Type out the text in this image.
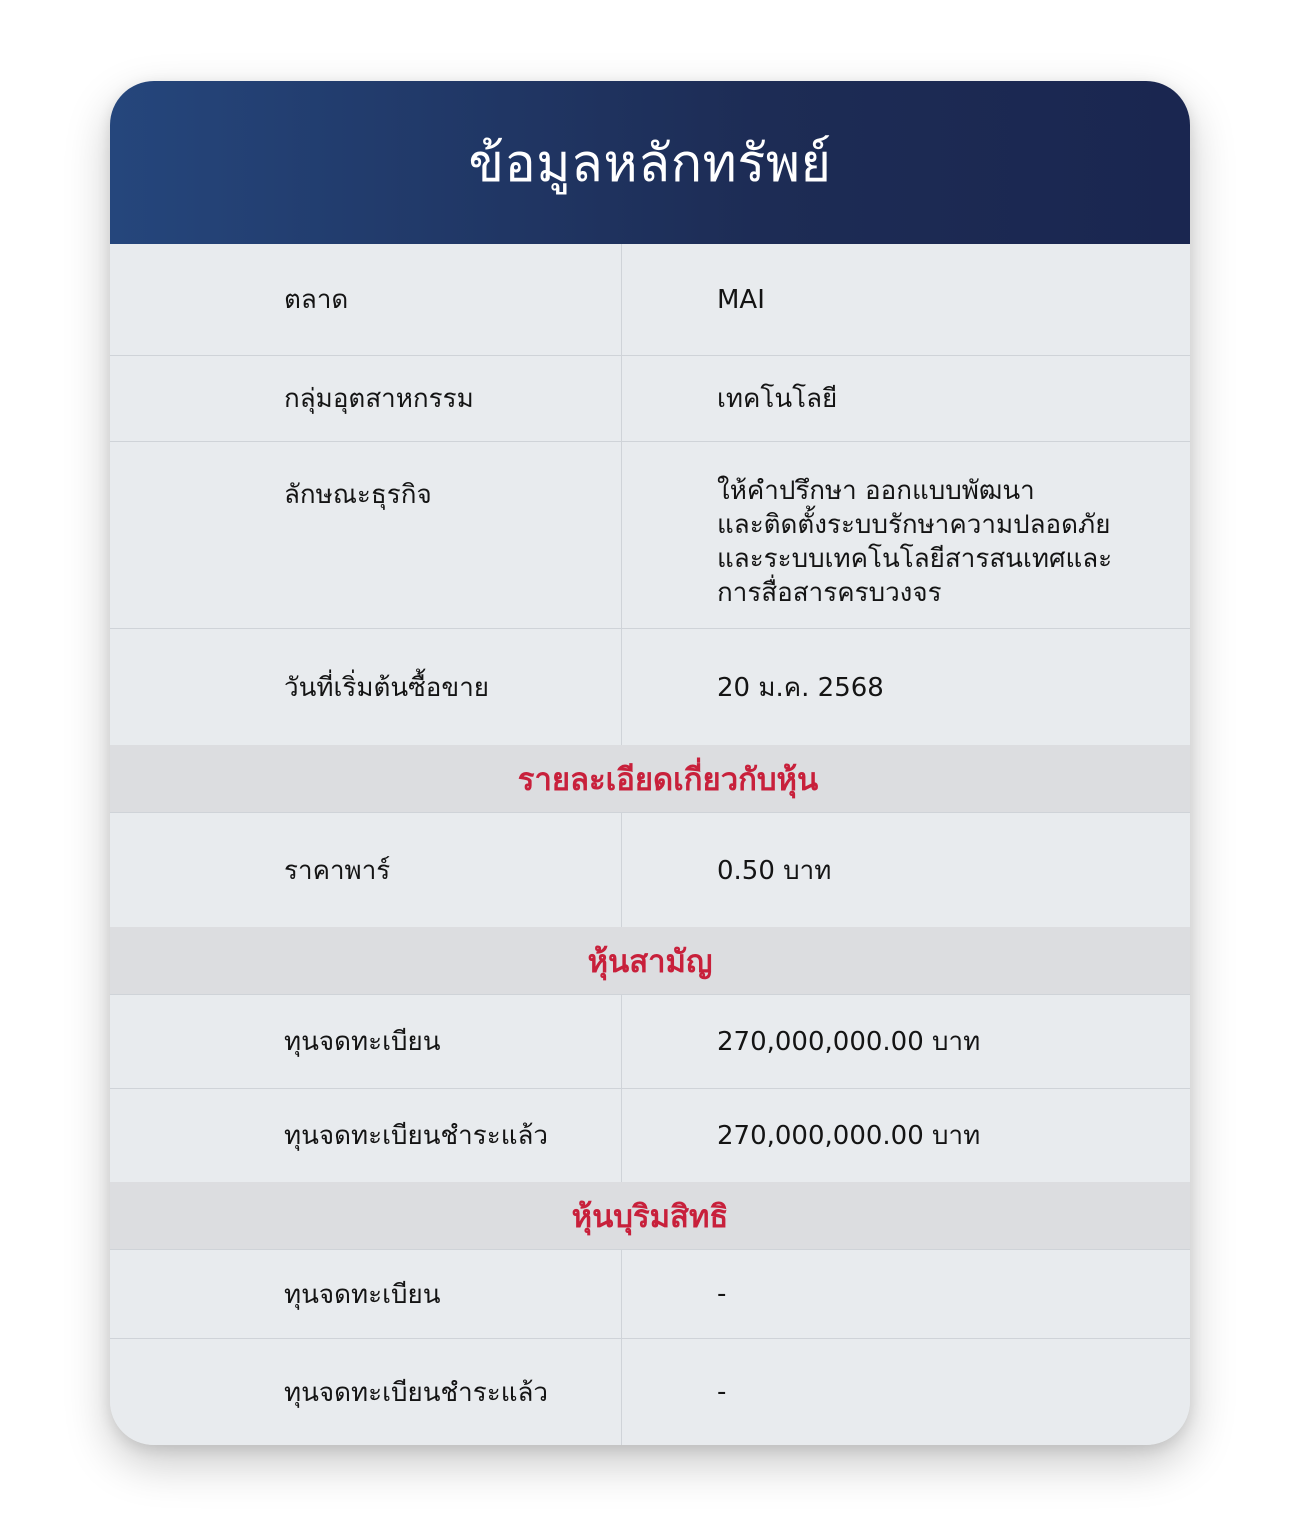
ข้อมูลหลักทรัพย์
ตลาด	MAI
กลุ่มอุตสาหกรรม	เทคโนโลยี
ลักษณะธุรกิจ	ให้คำปรึกษา ออกแบบพัฒนา
และติดตั้งระบบรักษาความปลอดภัย
และระบบเทคโนโลยีสารสนเทศและ
การสื่อสารครบวงจร
วันที่เริ่มต้นซื้อขาย	20 ม.ค. 2568
รายละเอียดเกี่ยวกับหุ้น
ราคาพาร์	0.50 บาท
หุ้นสามัญ
ทุนจดทะเบียน	270,000,000.00 บาท
ทุนจดทะเบียนชำระแล้ว	270,000,000.00 บาท
หุ้นบุริมสิทธิ
ทุนจดทะเบียน	-
ทุนจดทะเบียนชำระแล้ว	-
